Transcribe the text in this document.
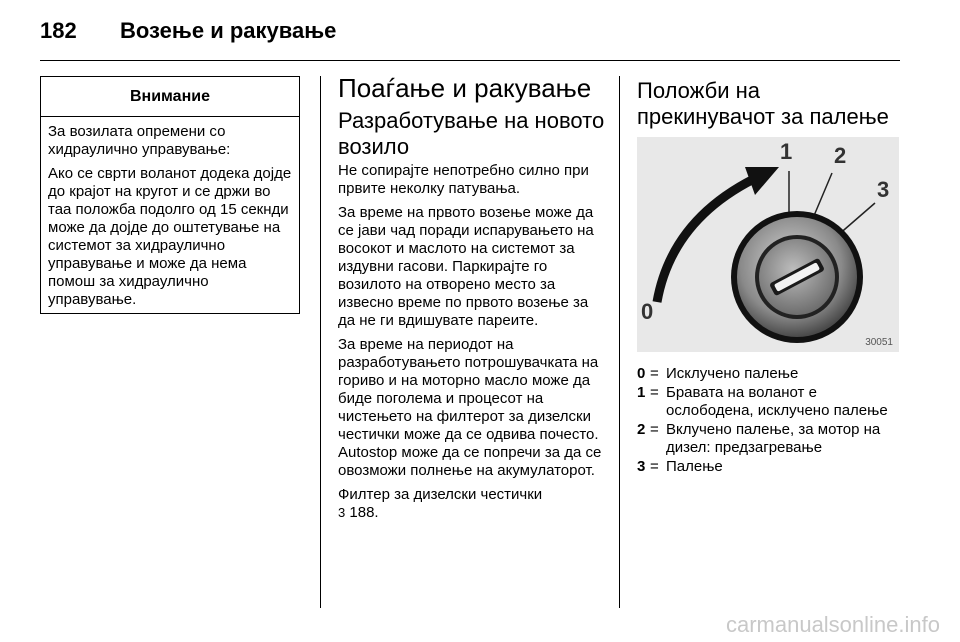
182 Возење и ракување
Внимание

За возилата опремени со хидраулично управување:

Ако се сврти воланот додека дојде до крајот на кругот и се држи во таа положба подолго од 15 секнди може да дојде до оштетување на системот за хидраулично управување и може да нема помош за хидраулично управување.

Поаѓање и ракување
Разработување на новото возило

Не сопирајте непотребно силно при првите неколку патувања.

За време на првото возење може да се јави чад поради испарувањето на восокот и маслото на системот за издувни гасови. Паркирајте го возилото на отворено место за извесно време по првото возење за да не ги вдишувате пареите.

За време на периодот на разработувањето потрошувачката на гориво и на моторно масло може да биде поголема и процесот на чистењето на филтерот за дизелски честички може да се одвива почесто. Autostop може да се попречи за да се овозможи полнење на акумулаторот.

Филтер за дизелски честички

3 188.

Положби на прекинувачот за палење
1 2
3
0
30051
0 = Исклучено палење
1 = Бравата на воланот е ослободена, исклучено палење
2 = Вклучено палење, за мотор на дизел: предзагревање
3 = Палење
carmanualsonline.info
